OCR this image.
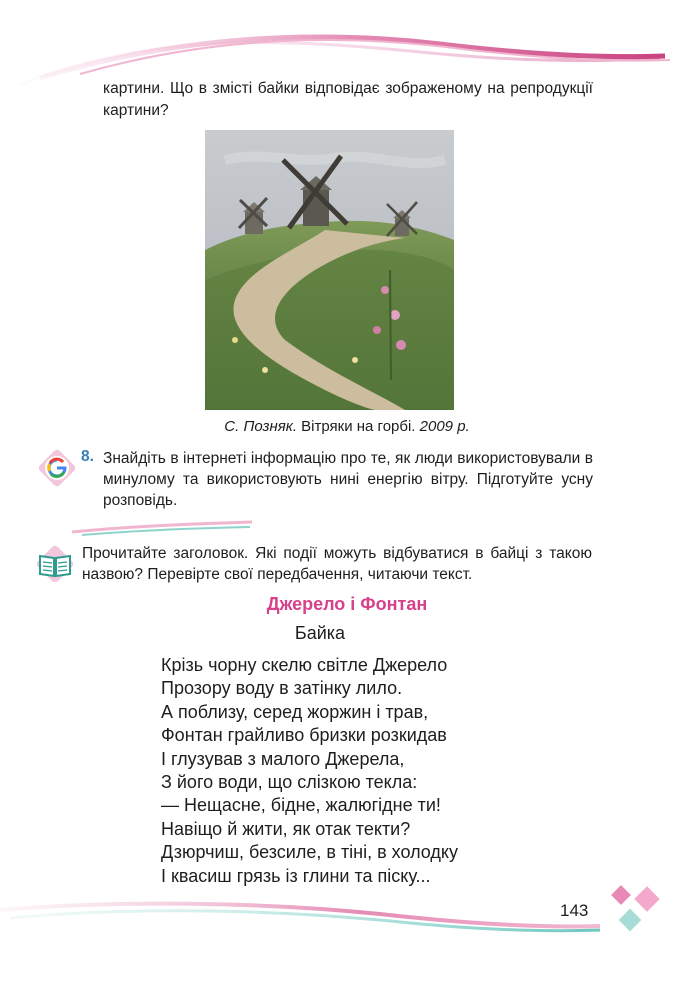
картини. Що в змісті байки відповідає зображеному на репродукції картини?
С. Позняк. Вітряки на горбі. 2009 р.
8. Знайдіть в інтернеті інформацію про те, як люди використовували в минулому та використовують нині енергію вітру. Підготуйте усну розповідь.
Прочитайте заголовок. Які події можуть відбуватися в байці з такою назвою? Перевірте свої передбачення, читаючи текст.
Джерело і Фонтан
Байка
Крізь чорну скелю світле Джерело
Прозору воду в затінку лило.
А поблизу, серед жоржин і трав,
Фонтан грайливо бризки розкидав
І глузував з малого Джерела,
З його води, що слізкою текла:
— Нещасне, бідне, жалюгідне ти!
Навіщо й жити, як отак текти?
Дзюрчиш, безсиле, в тіні, в холодку
І квасиш грязь із глини та піску...
143
